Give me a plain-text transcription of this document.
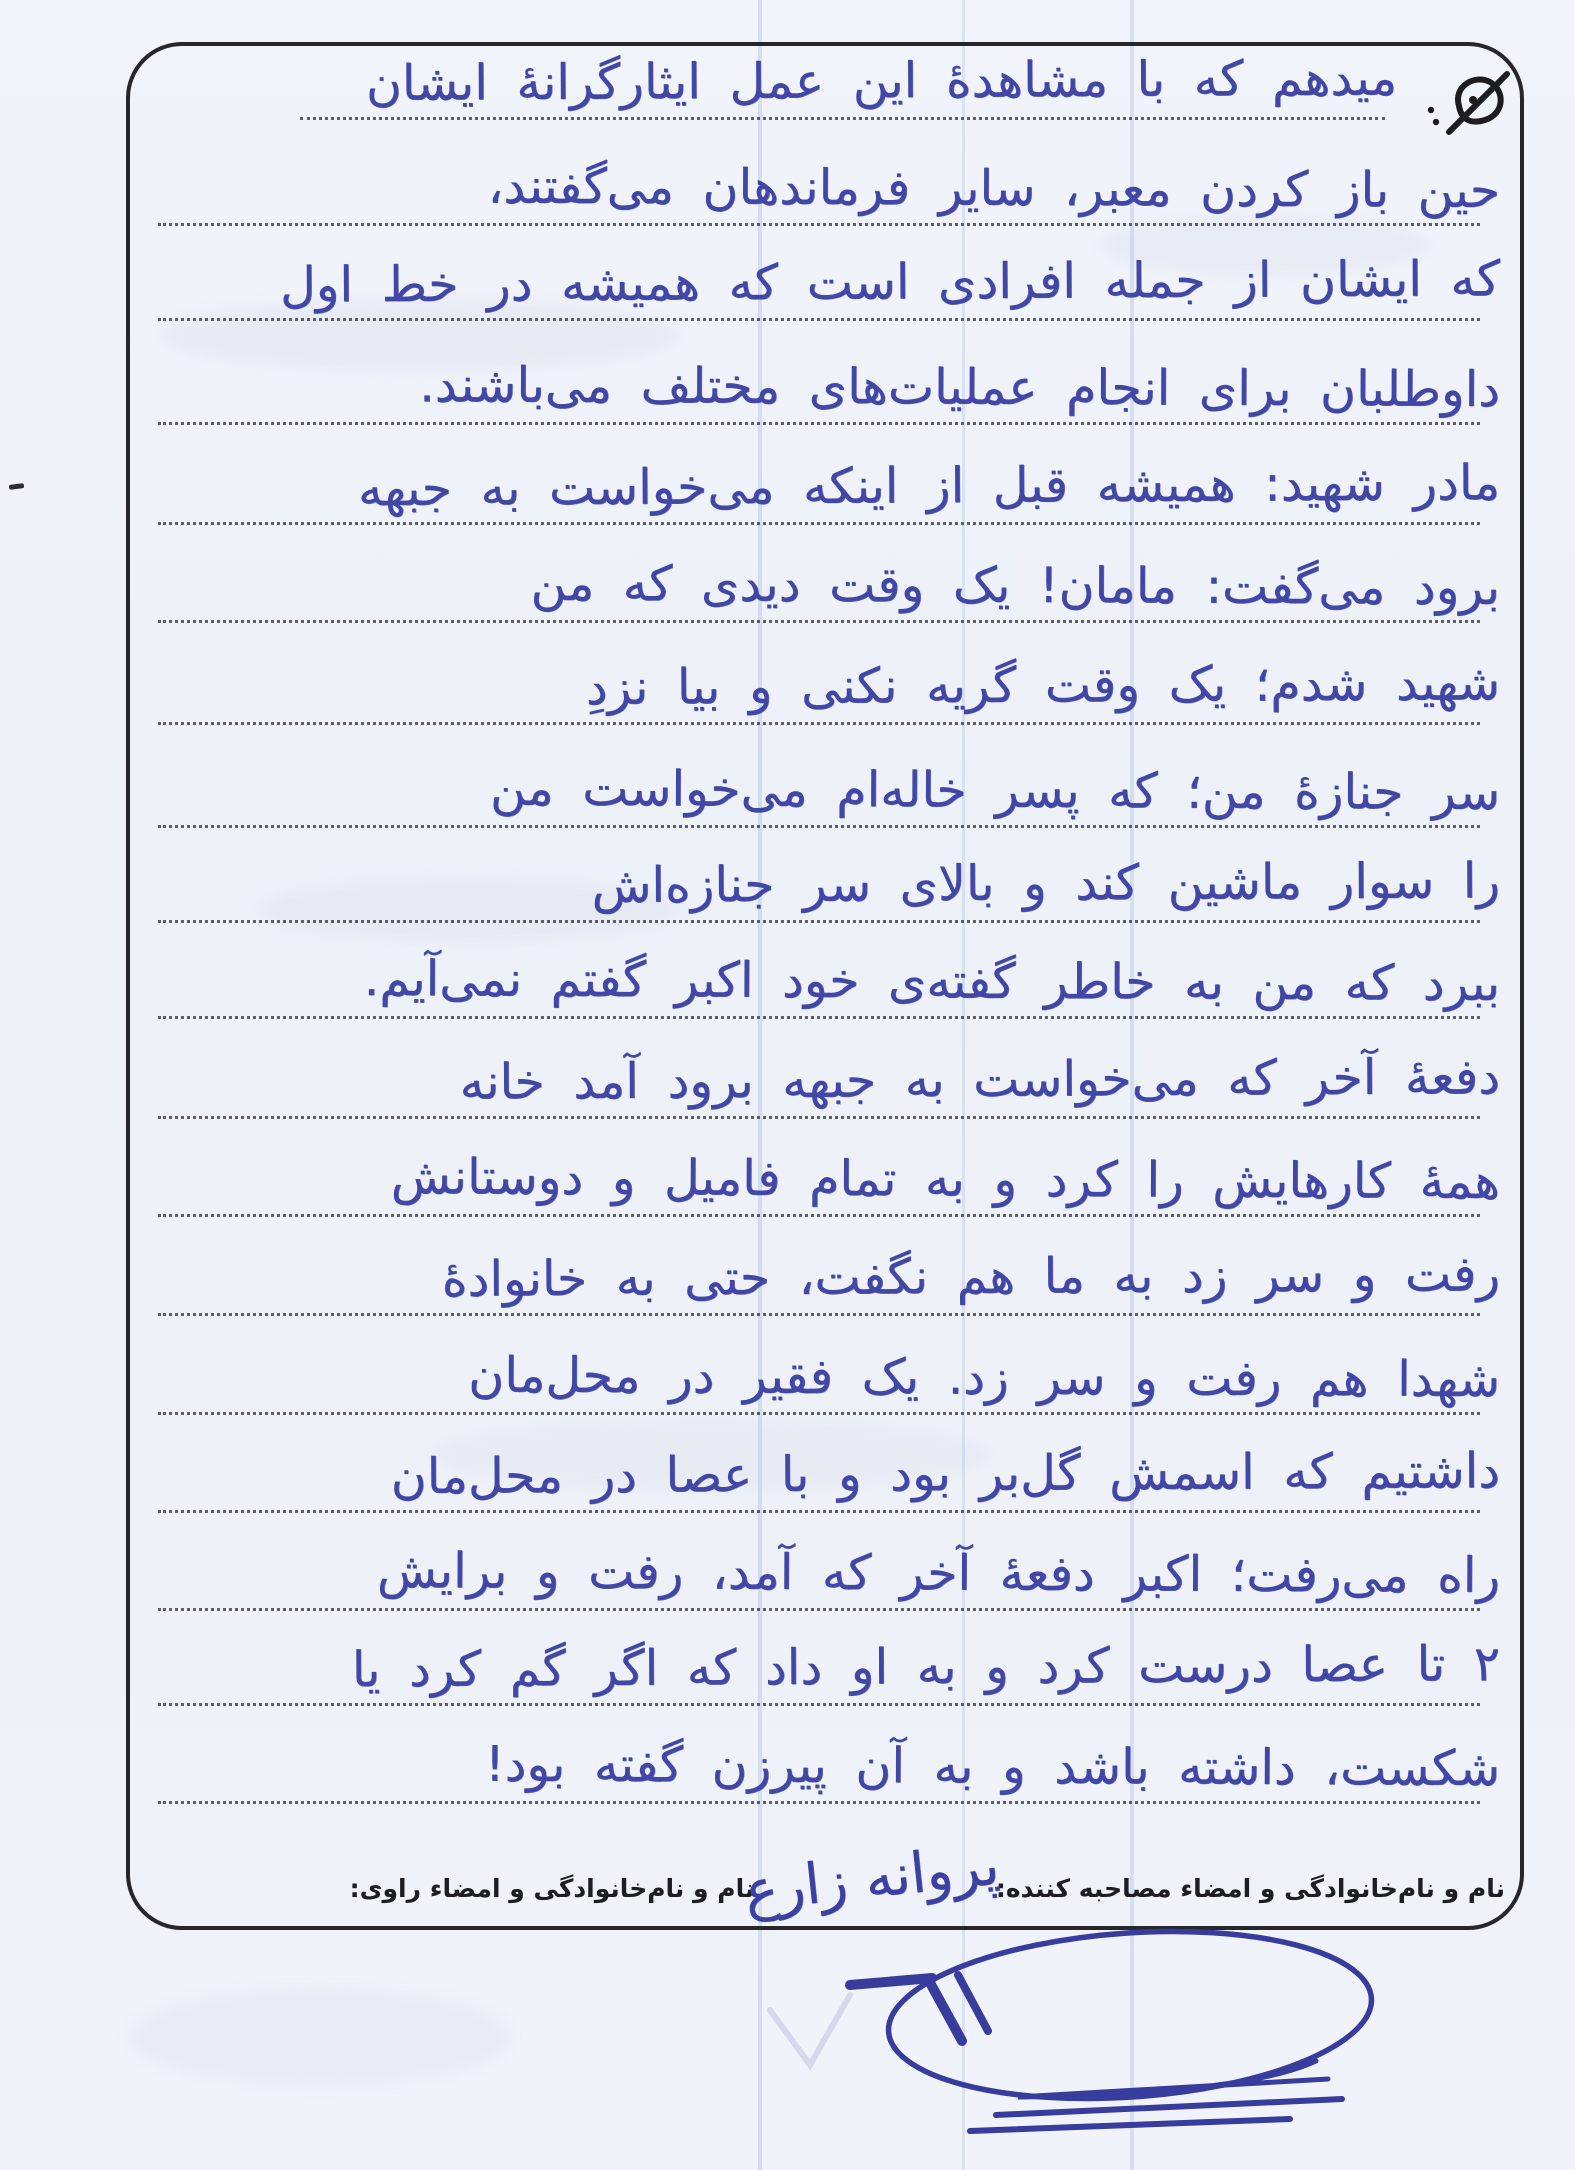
میدهم که با مشاهدهٔ این عمل ایثارگرانهٔ ایشان
حین باز کردن معبر، سایر فرماندهان می‌گفتند،
که ایشان از جمله افرادی است که همیشه در خط اول
داوطلبان برای انجام عملیات‌های مختلف می‌باشند.
مادر شهید: همیشه قبل از اینکه می‌خواست به جبهه
برود می‌گفت: مامان! یک وقت دیدی که من
شهید شدم؛ یک وقت گریه نکنی و بیا نزدِ
سر جنازهٔ من؛ که پسر خاله‌ام می‌خواست من
را سوار ماشین کند و بالای سر جنازه‌اش
ببرد که من به خاطر گفته‌ی خود اکبر گفتم نمی‌آیم.
دفعهٔ آخر که می‌خواست به جبهه برود آمد خانه
همهٔ کارهایش را کرد و به تمام فامیل و دوستانش
رفت و سر زد به ما هم نگفت، حتی به خانوادهٔ
شهدا هم رفت و سر زد. یک فقیر در محل‌مان
داشتیم که اسمش گل‌بر بود و با عصا در محل‌مان
راه می‌رفت؛ اکبر دفعهٔ آخر که آمد، رفت و برایش
۲ تا عصا درست کرد و به او داد که اگر گم کرد یا
شکست، داشته باشد و به آن پیرزن گفته بود!
نام و نام‌خانوادگی و امضاء مصاحبه کننده:
پروانه زارع
نام و نام‌خانوادگی و امضاء راوی:
